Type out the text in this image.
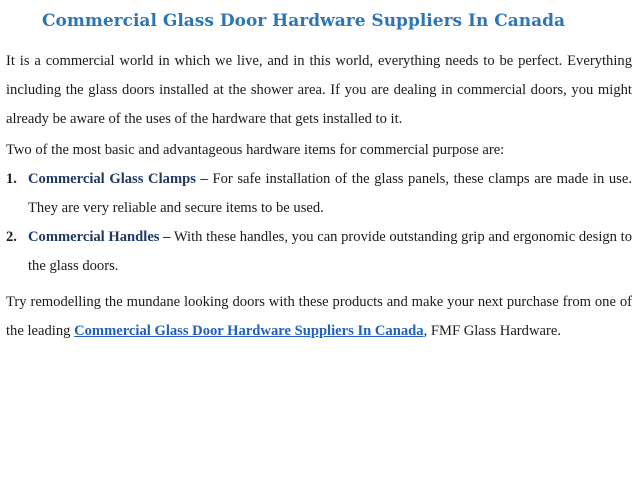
Commercial Glass Door Hardware Suppliers In Canada

It is a commercial world in which we live, and in this world, everything needs to be perfect. Everything including the glass doors installed at the shower area. If you are dealing in commercial doors, you might already be aware of the uses of the hardware that gets installed to it.

Two of the most basic and advantageous hardware items for commercial purpose are:

1. Commercial Glass Clamps – For safe installation of the glass panels, these clamps are made in use. They are very reliable and secure items to be used.
2. Commercial Handles – With these handles, you can provide outstanding grip and ergonomic design to the glass doors.

Try remodelling the mundane looking doors with these products and make your next purchase from one of the leading Commercial Glass Door Hardware Suppliers In Canada, FMF Glass Hardware.
